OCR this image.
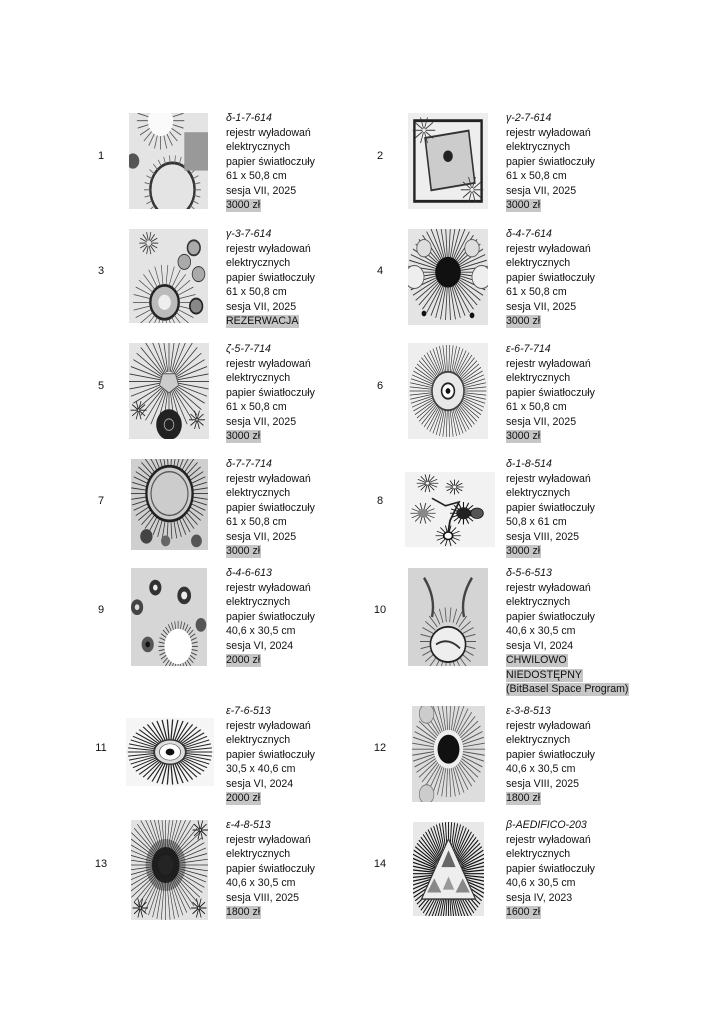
1
δ-1-7-614
rejestr wyładowań
elektrycznych
papier światłoczuły
61 x 50,8 cm
sesja VII, 2025
3000 zł
2
γ-2-7-614
rejestr wyładowań
elektrycznych
papier światłoczuły
61 x 50,8 cm
sesja VII, 2025
3000 zł
3
γ-3-7-614
rejestr wyładowań
elektrycznych
papier światłoczuły
61 x 50,8 cm
sesja VII, 2025
REZERWACJA
4
δ-4-7-614
rejestr wyładowań
elektrycznych
papier światłoczuły
61 x 50,8 cm
sesja VII, 2025
3000 zł
5
ζ-5-7-714
rejestr wyładowań
elektrycznych
papier światłoczuły
61 x 50,8 cm
sesja VII, 2025
3000 zł
6
ε-6-7-714
rejestr wyładowań
elektrycznych
papier światłoczuły
61 x 50,8 cm
sesja VII, 2025
3000 zł
7
δ-7-7-714
rejestr wyładowań
elektrycznych
papier światłoczuły
61 x 50,8 cm
sesja VII, 2025
3000 zł
8
δ-1-8-514
rejestr wyładowań
elektrycznych
papier światłoczuły
50,8 x 61 cm
sesja VIII, 2025
3000 zł
9
δ-4-6-613
rejestr wyładowań
elektrycznych
papier światłoczuły
40,6 x 30,5 cm
sesja VI, 2024
2000 zł
10
δ-5-6-513
rejestr wyładowań
elektrycznych
papier światłoczuły
40,6 x 30,5 cm
sesja VI, 2024
CHWILOWO
NIEDOSTĘPNY
(BitBasel Space Program)
11
ε-7-6-513
rejestr wyładowań
elektrycznych
papier światłoczuły
30,5 x 40,6 cm
sesja VI, 2024
2000 zł
12
ε-3-8-513
rejestr wyładowań
elektrycznych
papier światłoczuły
40,6 x 30,5 cm
sesja VIII, 2025
1800 zł
13
ε-4-8-513
rejestr wyładowań
elektrycznych
papier światłoczuły
40,6 x 30,5 cm
sesja VIII, 2025
1800 zł
14
β-AEDIFICO-203
rejestr wyładowań
elektrycznych
papier światłoczuły
40,6 x 30,5 cm
sesja IV, 2023
1600 zł
